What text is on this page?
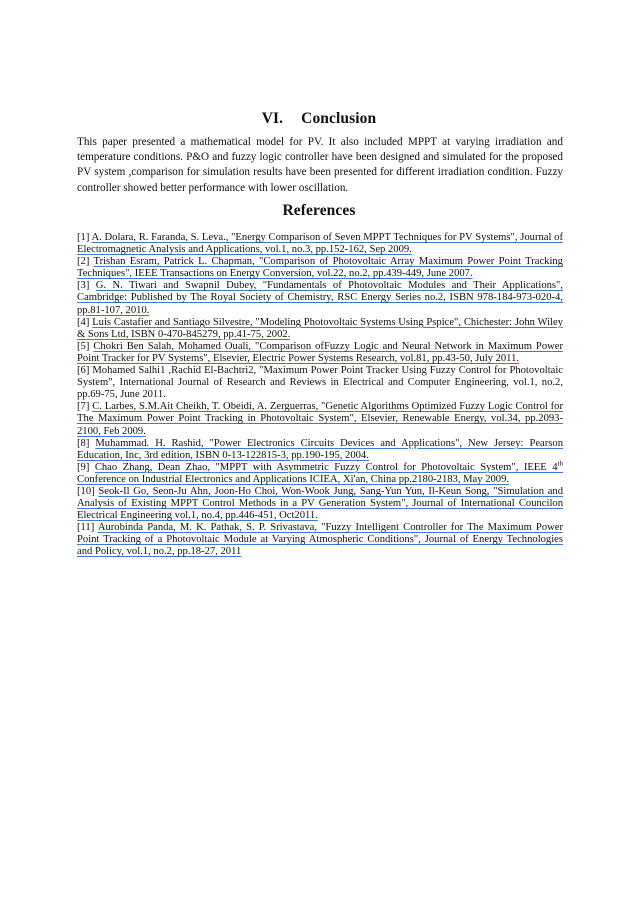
VI. Conclusion
This paper presented a mathematical model for PV. It also included MPPT at varying irradiation and temperature conditions. P&O and fuzzy logic controller have been designed and simulated for the proposed PV system ,comparison for simulation results have been presented for different irradiation condition. Fuzzy controller showed better performance with lower oscillation.
References

[1] A. Dolara, R. Faranda, S. Leva., "Energy Comparison of Seven MPPT Techniques for PV Systems", Journal of Electromagnetic Analysis and Applications, vol.1, no.3, pp.152-162, Sep 2009.

[2] Trishan Esram, Patrick L. Chapman, "Comparison of Photovoltaic Array Maximum Power Point Tracking Techniques", IEEE Transactions on Energy Conversion, vol.22, no.2, pp.439-449, June 2007.

[3] G. N. Tiwari and Swapnil Dubey, "Fundamentals of Photovoltaic Modules and Their Applications", Cambridge: Published by The Royal Society of Chemistry, RSC Energy Series no.2, ISBN 978-184-973-020-4, pp.81-107, 2010.

[4] Luis Castafier and Santiago Silvestre, "Modeling Photovoltaic Systems Using Pspice", Chichester: John Wiley & Sons Ltd, ISBN 0-470-845279, pp.41-75, 2002.

[5] Chokri Ben Salah, Mohamed Ouali, "Comparison ofFuzzy Logic and Neural Network in Maximum Power Point Tracker for PV Systems", Elsevier, Electric Power Systems Research, vol.81, pp.43-50, July 2011.

[6] Mohamed Salhi1 ,Rachid El-Bachtri2, "Maximum Power Point Tracker Using Fuzzy Control for Photovoltaic System", International Journal of Research and Reviews in Electrical and Computer Engineering, vol.1, no.2, pp.69-75, June 2011.

[7] C. Larbes, S.M.Ait Cheikh, T. Obeidi, A. Zerguerras, "Genetic Algorithms Optimized Fuzzy Logic Control for The Maximum Power Point Tracking in Photovoltaic System", Elsevier, Renewable Energy, vol.34, pp.2093-2100, Feb 2009.

[8] Muhammad. H. Rashid, "Power Electronics Circuits Devices and Applications", New Jersey: Pearson Education, Inc, 3rd edition, ISBN 0-13-122815-3, pp.190-195, 2004.

[9] Chao Zhang, Dean Zhao, "MPPT with Asymmetric Fuzzy Control for Photovoltaic System", IEEE 4th Conference on Industrial Electronics and Applications ICIEA, Xi'an, China pp.2180-2183, May 2009.

[10] Seok-Il Go, Seon-Ju Ahn, Joon-Ho Choi, Won-Wook Jung, Sang-Yun Yun, Il-Keun Song, "Simulation and Analysis of Existing MPPT Control Methods in a PV Generation System", Journal of International Councilon Electrical Engineering vol.1, no.4, pp.446-451, Oct2011.

[11] Aurobinda Panda, M. K. Pathak, S. P. Srivastava, "Fuzzy Intelligent Controller for The Maximum Power Point Tracking of a Photovoltaic Module at Varying Atmospheric Conditions", Journal of Energy Technologies and Policy, vol.1, no.2, pp.18-27, 2011
